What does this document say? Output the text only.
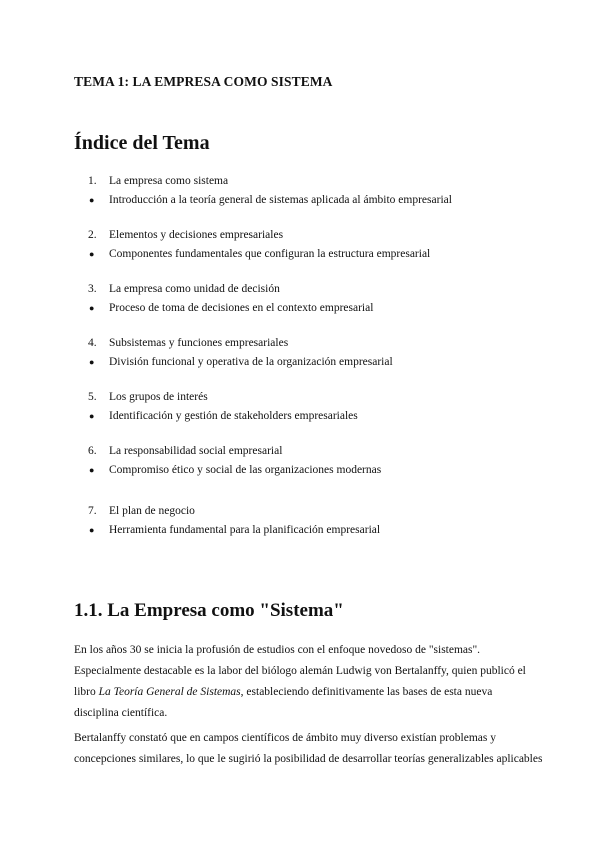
TEMA 1: LA EMPRESA COMO SISTEMA
Índice del Tema
1.	La empresa como sistema
●	Introducción a la teoría general de sistemas aplicada al ámbito empresarial
2.	Elementos y decisiones empresariales
●	Componentes fundamentales que configuran la estructura empresarial
3.	La empresa como unidad de decisión
●	Proceso de toma de decisiones en el contexto empresarial
4.	Subsistemas y funciones empresariales
●	División funcional y operativa de la organización empresarial
5.	Los grupos de interés
●	Identificación y gestión de stakeholders empresariales
6.	La responsabilidad social empresarial
●	Compromiso ético y social de las organizaciones modernas
7.	El plan de negocio
●	Herramienta fundamental para la planificación empresarial
1.1. La Empresa como "Sistema"
En los años 30 se inicia la profusión de estudios con el enfoque novedoso de "sistemas". Especialmente destacable es la labor del biólogo alemán Ludwig von Bertalanffy, quien publicó el libro La Teoría General de Sistemas, estableciendo definitivamente las bases de esta nueva disciplina científica.
Bertalanffy constató que en campos científicos de ámbito muy diverso existían problemas y
concepciones similares, lo que le sugirió la posibilidad de desarrollar teorías generalizables aplicables
